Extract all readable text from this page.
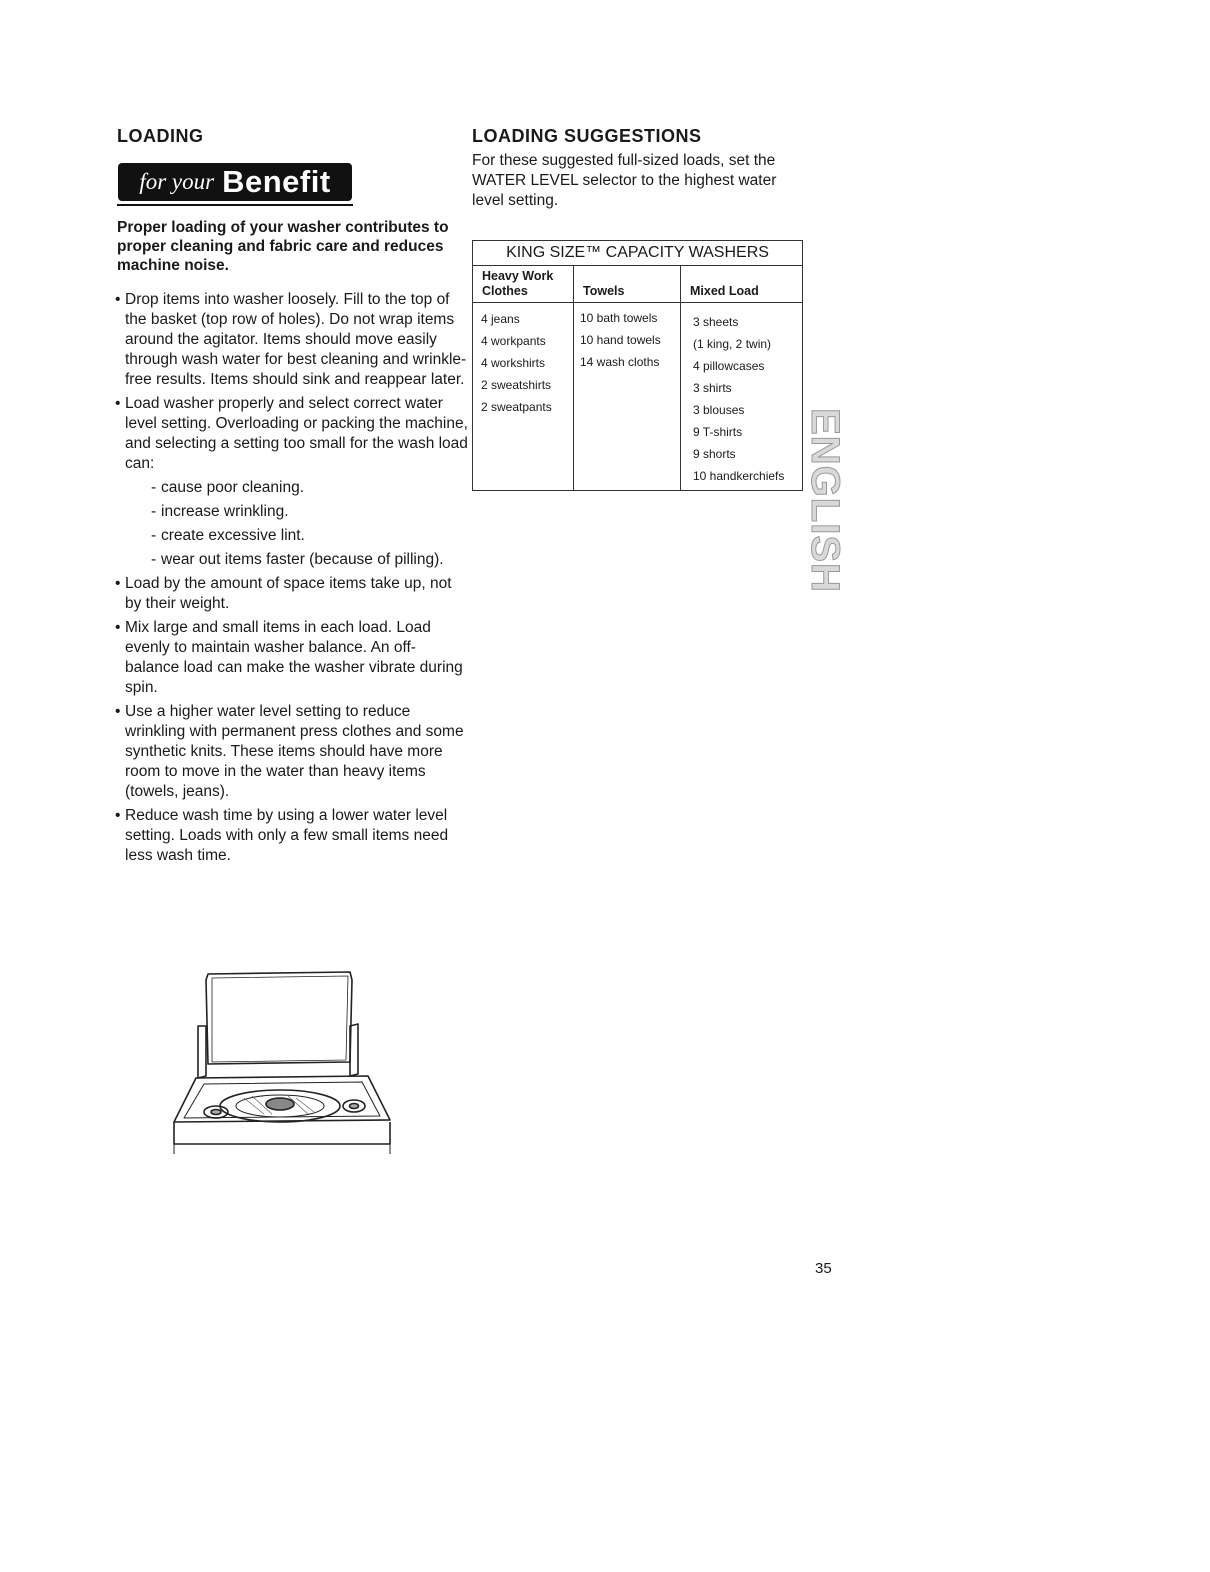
LOADING
for your Benefit
Proper loading of your washer contributes to proper cleaning and fabric care and reduces machine noise.
• Drop items into washer loosely. Fill to the top of the basket (top row of holes). Do not wrap items around the agitator. Items should move easily through wash water for best cleaning and wrinkle-free results. Items should sink and reappear later.
• Load washer properly and select correct water level setting. Overloading or packing the machine, and selecting a setting too small for the wash load can:
- cause poor cleaning.
- increase wrinkling.
- create excessive lint.
- wear out items faster (because of pilling).
• Load by the amount of space items take up, not by their weight.
• Mix large and small items in each load. Load evenly to maintain washer balance. An off-balance load can make the washer vibrate during spin.
• Use a higher water level setting to reduce wrinkling with permanent press clothes and some synthetic knits. These items should have more room to move in the water than heavy items (towels, jeans).
• Reduce wash time by using a lower water level setting. Loads with only a few small items need less wash time.
LOADING SUGGESTIONS
For these suggested full-sized loads, set the WATER LEVEL selector to the highest water level setting.
KING SIZE™ CAPACITY WASHERS
Heavy Work Clothes
4 jeans
4 workpants
4 workshirts
2 sweatshirts
2 sweatpants
Towels
10 bath towels
10 hand towels
14 wash cloths
Mixed Load
3 sheets
(1 king, 2 twin)
4 pillowcases
3 shirts
3 blouses
9 T-shirts
9 shorts
10 handkerchiefs ENGLISH
35
